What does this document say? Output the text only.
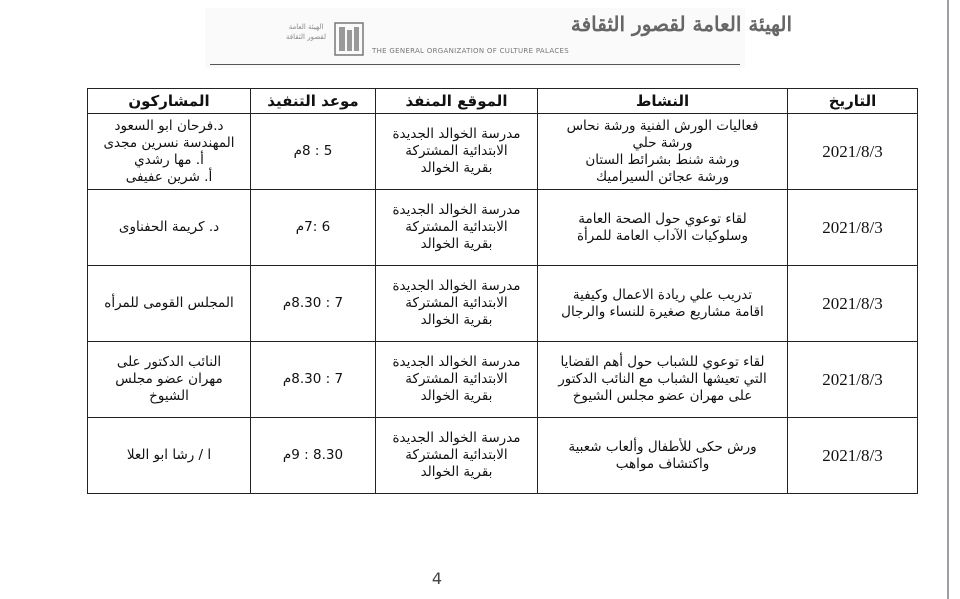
الهيئة العامة لقصور الثقافة
الهيئة العامة لقصور الثقافة
THE GENERAL ORGANIZATION OF CULTURE PALACES
التاريخ	النشاط	الموقع المنفذ	موعد التنفيذ	المشاركون
2021/8/3	فعاليات الورش الفنية ورشة نحاس
ورشة حلي
ورشة شنط بشرائط الستان
ورشة عجائن السيراميك	مدرسة الخوالد الجديدة
الابتدائية المشتركة
بقرية الخوالد	5 : 8م	د.فرحان ابو السعود
المهندسة نسرين مجدى
أ. مها رشدي
أ. شرين عفيفى
2021/8/3	لقاء توعوي حول الصحة العامة
وسلوكيات الآداب العامة للمرأة	مدرسة الخوالد الجديدة
الابتدائية المشتركة
بقرية الخوالد	6 :7م	د. كريمة الحفناوى
2021/8/3	تدريب علي ريادة الاعمال وكيفية
اقامة مشاريع صغيرة للنساء والرجال	مدرسة الخوالد الجديدة
الابتدائية المشتركة
بقرية الخوالد	7 : 8.30م	المجلس القومى للمرأه
2021/8/3	لقاء توعوي للشباب حول أهم القضايا
التي تعيشها الشباب مع النائب الدكتور
على مهران عضو مجلس الشيوخ	مدرسة الخوالد الجديدة
الابتدائية المشتركة
بقرية الخوالد	7 : 8.30م	النائب الدكتور على
مهران عضو مجلس
الشيوخ
2021/8/3	ورش حكى للأطفال وألعاب شعبية
واكتشاف مواهب	مدرسة الخوالد الجديدة
الابتدائية المشتركة
بقرية الخوالد	8.30 : 9م	ا / رشا ابو العلا
4
